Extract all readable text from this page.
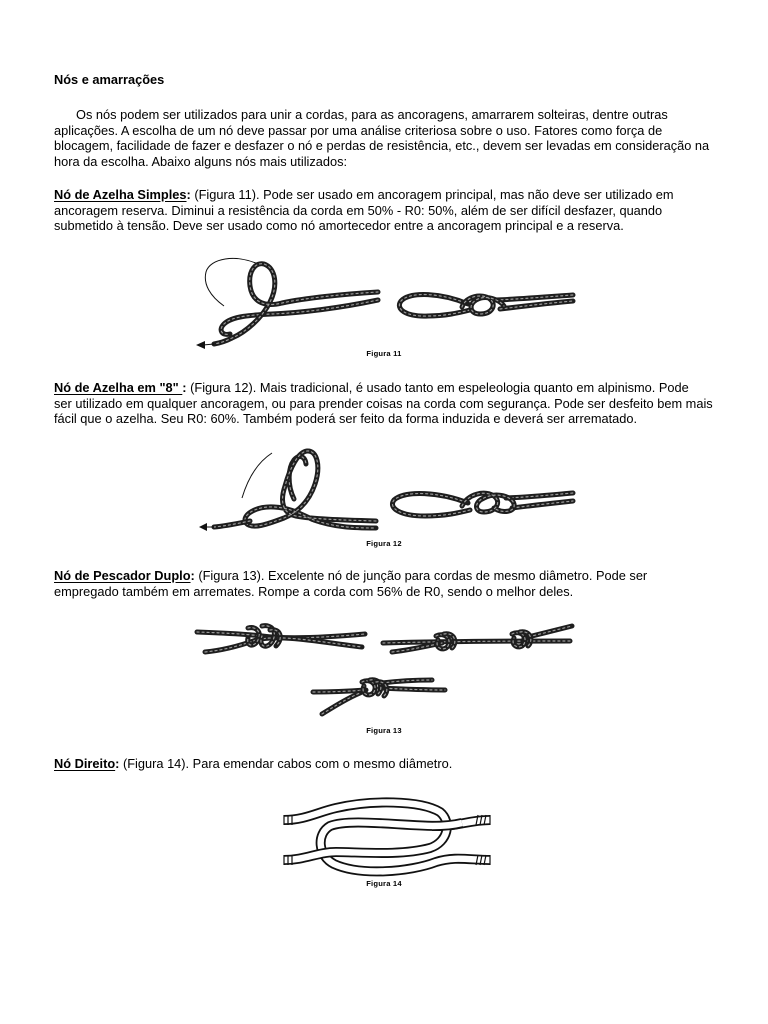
Nós e amarrações
Os nós podem ser utilizados para unir a cordas, para as ancoragens, amarrarem solteiras, dentre outras
aplicações. A escolha de um nó deve passar por uma análise criteriosa sobre o uso. Fatores como força de
blocagem, facilidade de fazer e desfazer o nó e perdas de resistência, etc., devem ser levadas em consideração na
hora da escolha. Abaixo alguns nós mais utilizados:
Nó de Azelha Simples: (Figura 11). Pode ser usado em ancoragem principal, mas não deve ser utilizado em
ancoragem reserva. Diminui a resistência da corda em 50% - R0: 50%, além de ser difícil desfazer, quando
submetido à tensão. Deve ser usado como nó amortecedor entre a ancoragem principal e a reserva.
Figura 11
Nó de Azelha em "8" : (Figura 12). Mais tradicional, é usado tanto em espeleologia quanto em alpinismo. Pode
ser utilizado em qualquer ancoragem, ou para prender coisas na corda com segurança. Pode ser desfeito bem mais
fácil que o azelha. Seu R0: 60%. Também poderá ser feito da forma induzida e deverá ser arrematado.
Figura 12
Nó de Pescador Duplo: (Figura 13). Excelente nó de junção para cordas de mesmo diâmetro. Pode ser
empregado também em arremates. Rompe a corda com 56% de R0, sendo o melhor deles.
Figura 13
Nó Direito: (Figura 14). Para emendar cabos com o mesmo diâmetro.
Figura 14
